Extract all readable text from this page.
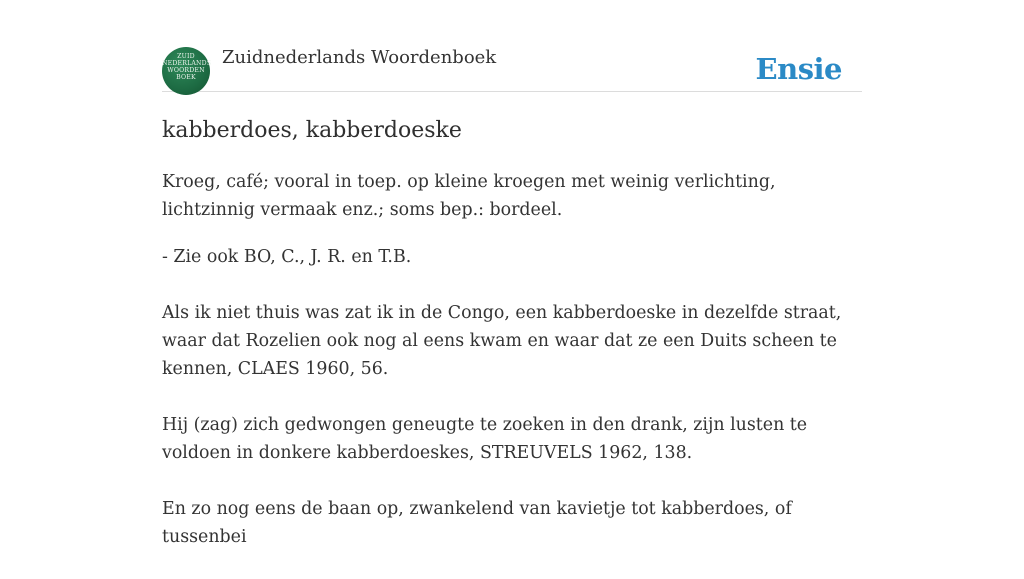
ZUID
NEDERLANDS
WOORDEN
BOEK
Zuidnederlands Woordenboek	Ensie
kabberdoes, kabberdoeske

Kroeg, café; vooral in toep. op kleine kroegen met weinig verlichting, lichtzinnig vermaak enz.; soms bep.: bordeel.

- Zie ook BO, C., J. R. en T.B.

Als ik niet thuis was zat ik in de Congo, een kabberdoeske in dezelfde straat, waar dat Rozelien ook nog al eens kwam en waar dat ze een Duits scheen te kennen, CLAES 1960, 56.

Hij (zag) zich gedwongen geneugte te zoeken in den drank, zijn lusten te voldoen in donkere kabberdoeskes, STREUVELS 1962, 138.

En zo nog eens de baan op, zwankelend van kavietje tot kabberdoes, of tussenbei
